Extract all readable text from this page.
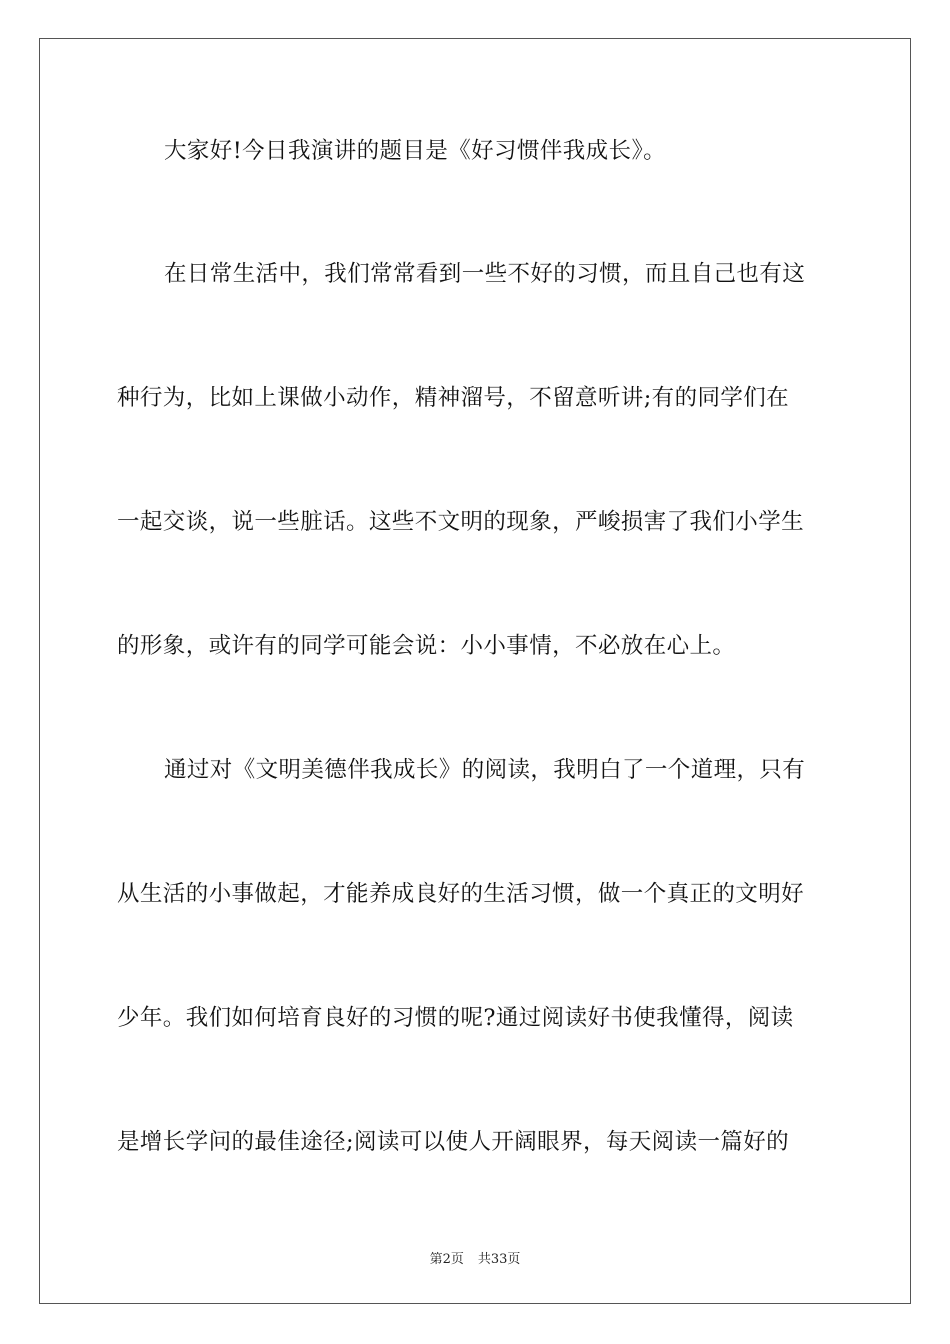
大家好!今日我演讲的题目是《好习惯伴我成长》。
在日常生活中，我们常常看到一些不好的习惯，而且自己也有这
种行为，比如上课做小动作，精神溜号，不留意听讲;有的同学们在
一起交谈，说一些脏话。这些不文明的现象，严峻损害了我们小学生
的形象，或许有的同学可能会说：小小事情，不必放在心上。
通过对《文明美德伴我成长》的阅读，我明白了一个道理，只有
从生活的小事做起，才能养成良好的生活习惯，做一个真正的文明好
少年。我们如何培育良好的习惯的呢?通过阅读好书使我懂得，阅读
是增长学问的最佳途径;阅读可以使人开阔眼界，每天阅读一篇好的
第2页 共33页
